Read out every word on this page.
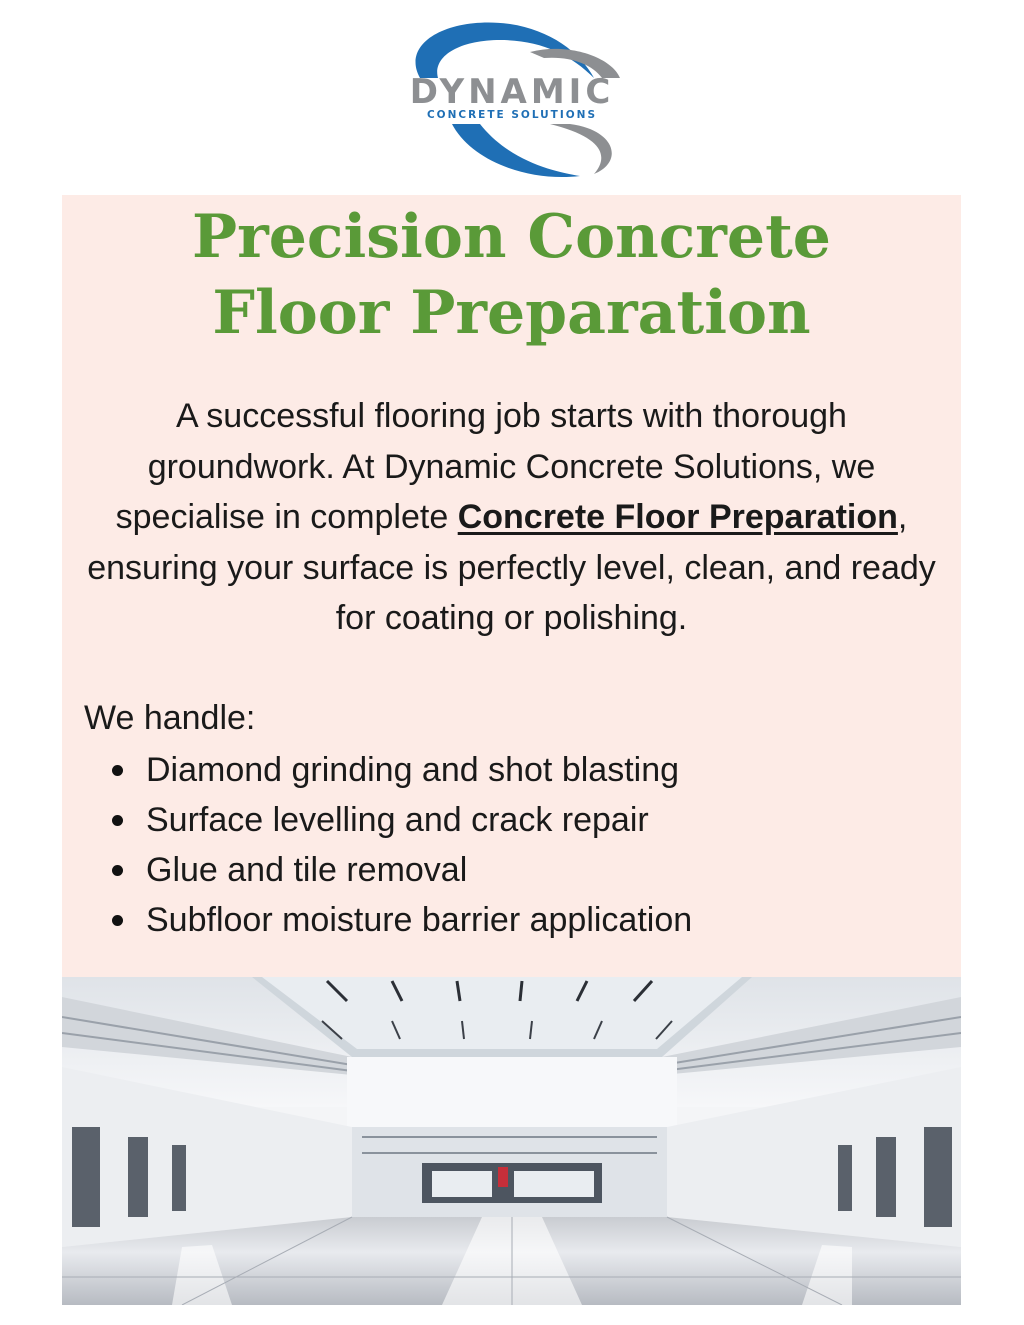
DYNAMIC
CONCRETE SOLUTIONS
Precision Concrete
Floor Preparation

A successful flooring job starts with thorough groundwork. At Dynamic Concrete Solutions, we specialise in complete Concrete Floor Preparation, ensuring your surface is perfectly level, clean, and ready for coating or polishing.

We handle:

Diamond grinding and shot blasting
Surface levelling and crack repair
Glue and tile removal
Subfloor moisture barrier application
